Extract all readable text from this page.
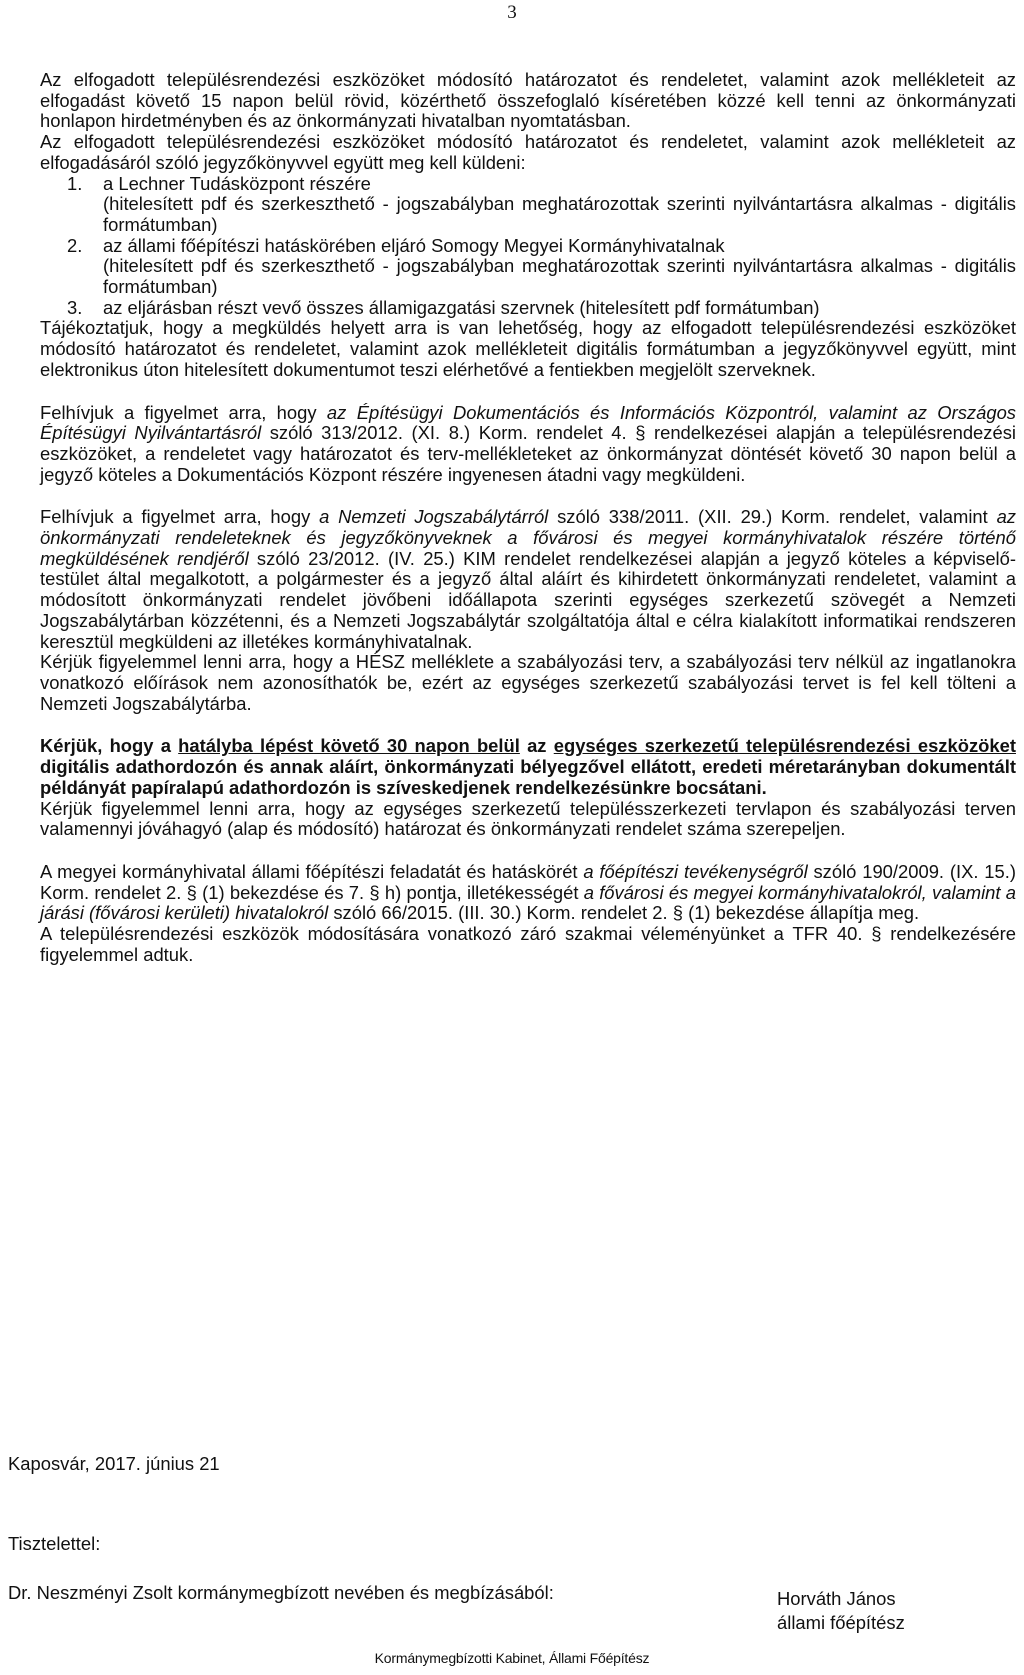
3

Az elfogadott településrendezési eszközöket módosító határozatot és rendeletet, valamint azok mellékleteit az elfogadást követő 15 napon belül rövid, közérthető összefoglaló kíséretében közzé kell tenni az önkormányzati honlapon hirdetményben és az önkormányzati hivatalban nyomtatásban.

Az elfogadott településrendezési eszközöket módosító határozatot és rendeletet, valamint azok mellékleteit az elfogadásáról szóló jegyzőkönyvvel együtt meg kell küldeni:

1. a Lechner Tudásközpont részére
(hitelesített pdf és szerkeszthető - jogszabályban meghatározottak szerinti nyilvántartásra alkalmas - digitális formátumban)
2. az állami főépítészi hatáskörében eljáró Somogy Megyei Kormányhivatalnak
(hitelesített pdf és szerkeszthető - jogszabályban meghatározottak szerinti nyilvántartásra alkalmas - digitális formátumban)
3. az eljárásban részt vevő összes államigazgatási szervnek (hitelesített pdf formátumban)

Tájékoztatjuk, hogy a megküldés helyett arra is van lehetőség, hogy az elfogadott településrendezési eszközöket módosító határozatot és rendeletet, valamint azok mellékleteit digitális formátumban a jegyzőkönyvvel együtt, mint elektronikus úton hitelesített dokumentumot teszi elérhetővé a fentiekben megjelölt szerveknek.

Felhívjuk a figyelmet arra, hogy az Építésügyi Dokumentációs és Információs Központról, valamint az Országos Építésügyi Nyilvántartásról szóló 313/2012. (XI. 8.) Korm. rendelet 4. § rendelkezései alapján a településrendezési eszközöket, a rendeletet vagy határozatot és terv-mellékleteket az önkormányzat döntését követő 30 napon belül a jegyző köteles a Dokumentációs Központ részére ingyenesen átadni vagy megküldeni.

Felhívjuk a figyelmet arra, hogy a Nemzeti Jogszabálytárról szóló 338/2011. (XII. 29.) Korm. rendelet, valamint az önkormányzati rendeleteknek és jegyzőkönyveknek a fővárosi és megyei kormányhivatalok részére történő megküldésének rendjéről szóló 23/2012. (IV. 25.) KIM rendelet rendelkezései alapján a jegyző köteles a képviselő-testület által megalkotott, a polgármester és a jegyző által aláírt és kihirdetett önkormányzati rendeletet, valamint a módosított önkormányzati rendelet jövőbeni időállapota szerinti egységes szerkezetű szövegét a Nemzeti Jogszabálytárban közzétenni, és a Nemzeti Jogszabálytár szolgáltatója által e célra kialakított informatikai rendszeren keresztül megküldeni az illetékes kormányhivatalnak.

Kérjük figyelemmel lenni arra, hogy a HÉSZ melléklete a szabályozási terv, a szabályozási terv nélkül az ingatlanokra vonatkozó előírások nem azonosíthatók be, ezért az egységes szerkezetű szabályozási tervet is fel kell tölteni a Nemzeti Jogszabálytárba.

Kérjük, hogy a hatályba lépést követő 30 napon belül az egységes szerkezetű településrendezési eszközöket digitális adathordozón és annak aláírt, önkormányzati bélyegzővel ellátott, eredeti méretarányban dokumentált példányát papíralapú adathordozón is szíveskedjenek rendelkezésünkre bocsátani.

Kérjük figyelemmel lenni arra, hogy az egységes szerkezetű településszerkezeti tervlapon és szabályozási terven valamennyi jóváhagyó (alap és módosító) határozat és önkormányzati rendelet száma szerepeljen.

A megyei kormányhivatal állami főépítészi feladatát és hatáskörét a főépítészi tevékenységről szóló 190/2009. (IX. 15.) Korm. rendelet 2. § (1) bekezdése és 7. § h) pontja, illetékességét a fővárosi és megyei kormányhivatalokról, valamint a járási (fővárosi kerületi) hivatalokról szóló 66/2015. (III. 30.) Korm. rendelet 2. § (1) bekezdése állapítja meg.

A településrendezési eszközök módosítására vonatkozó záró szakmai véleményünket a TFR 40. § rendelkezésére figyelemmel adtuk.

Kaposvár, 2017. június 21
Tisztelettel:
Dr. Neszményi Zsolt kormánymegbízott nevében és megbízásából:	Horváth János
állami főépítész
Kormánymegbízotti Kabinet, Állami Főépítész
